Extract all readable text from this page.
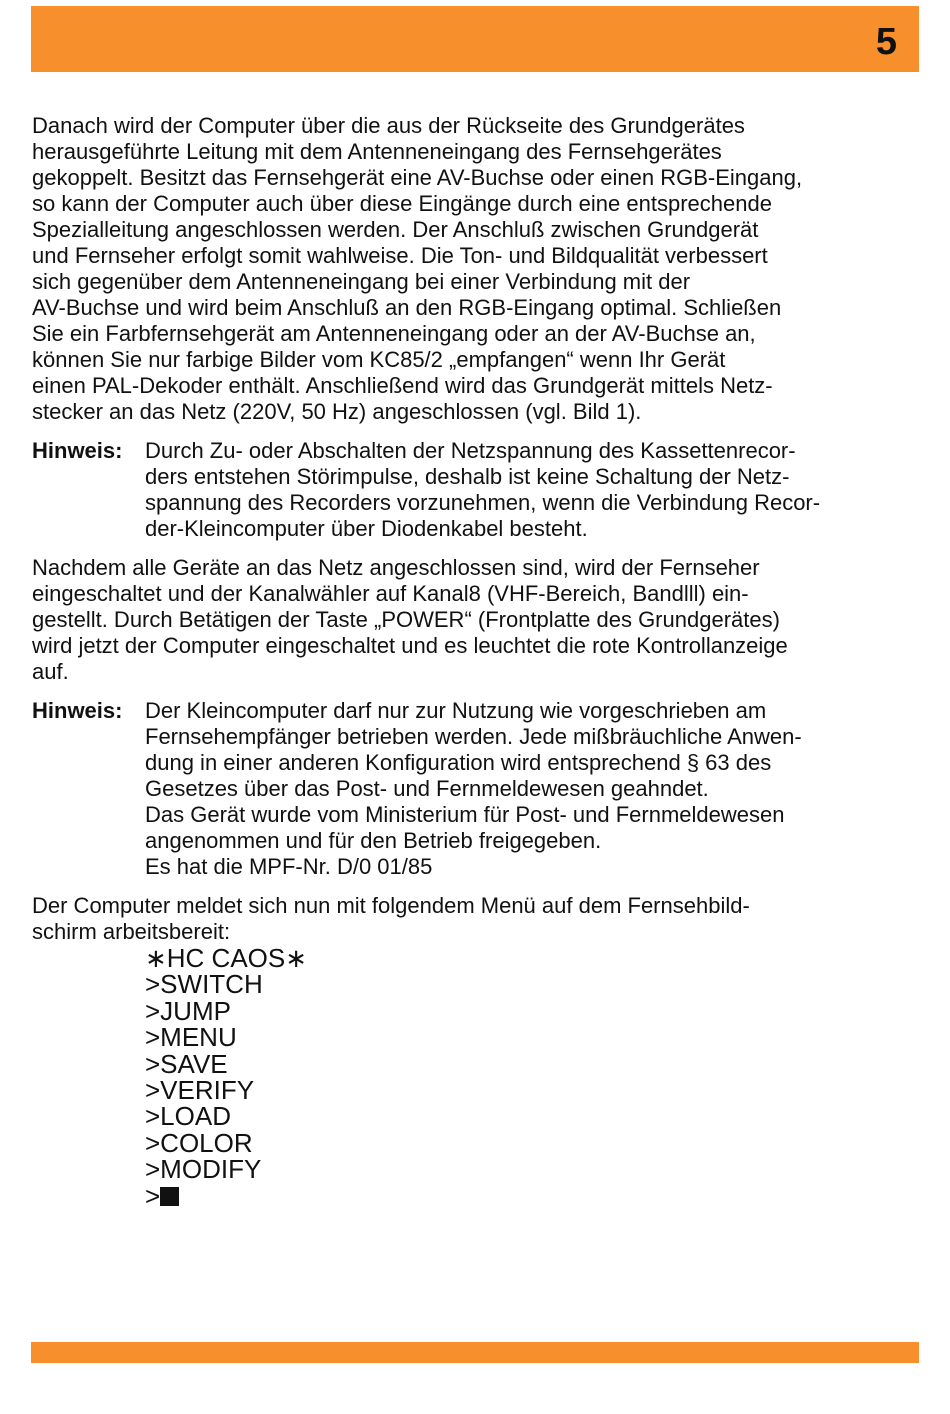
5

Danach wird der Computer über die aus der Rückseite des Grundgerätes

herausgeführte Leitung mit dem Antenneneingang des Fernsehgerätes

gekoppelt. Besitzt das Fernsehgerät eine AV-Buchse oder einen RGB-Eingang,

so kann der Computer auch über diese Eingänge durch eine entsprechende

Spezialleitung angeschlossen werden. Der Anschluß zwischen Grundgerät

und Fernseher erfolgt somit wahlweise. Die Ton- und Bildqualität verbessert

sich gegenüber dem Antenneneingang bei einer Verbindung mit der

AV-Buchse und wird beim Anschluß an den RGB-Eingang optimal. Schließen

Sie ein Farbfernsehgerät am Antenneneingang oder an der AV-Buchse an,

können Sie nur farbige Bilder vom KC85/2 „empfangen“ wenn Ihr Gerät

einen PAL-Dekoder enthält. Anschließend wird das Grundgerät mittels Netz-

stecker an das Netz (220V, 50 Hz) angeschlossen (vgl. Bild 1).

Hinweis:	Durch Zu- oder Abschalten der Netzspannung des Kassettenrecor-

ders entstehen Störimpulse, deshalb ist keine Schaltung der Netz-

spannung des Recorders vorzunehmen, wenn die Verbindung Recor-

der-Kleincomputer über Diodenkabel besteht.

Nachdem alle Geräte an das Netz angeschlossen sind, wird der Fernseher

eingeschaltet und der Kanalwähler auf Kanal8 (VHF-Bereich, Bandlll) ein-

gestellt. Durch Betätigen der Taste „POWER“ (Frontplatte des Grundgerätes)

wird jetzt der Computer eingeschaltet und es leuchtet die rote Kontrollanzeige

auf.

Hinweis:	Der Kleincomputer darf nur zur Nutzung wie vorgeschrieben am

Fernsehempfänger betrieben werden. Jede mißbräuchliche Anwen-

dung in einer anderen Konfiguration wird entsprechend § 63 des

Gesetzes über das Post- und Fernmeldewesen geahndet.

Das Gerät wurde vom Ministerium für Post- und Fernmeldewesen

angenommen und für den Betrieb freigegeben.

Es hat die MPF-Nr. D/0 01/85

Der Computer meldet sich nun mit folgendem Menü auf dem Fernsehbild-

schirm arbeitsbereit:

∗HC CAOS∗
>SWITCH
>JUMP
>MENU
>SAVE
>VERIFY
>LOAD
>COLOR
>MODIFY
>
